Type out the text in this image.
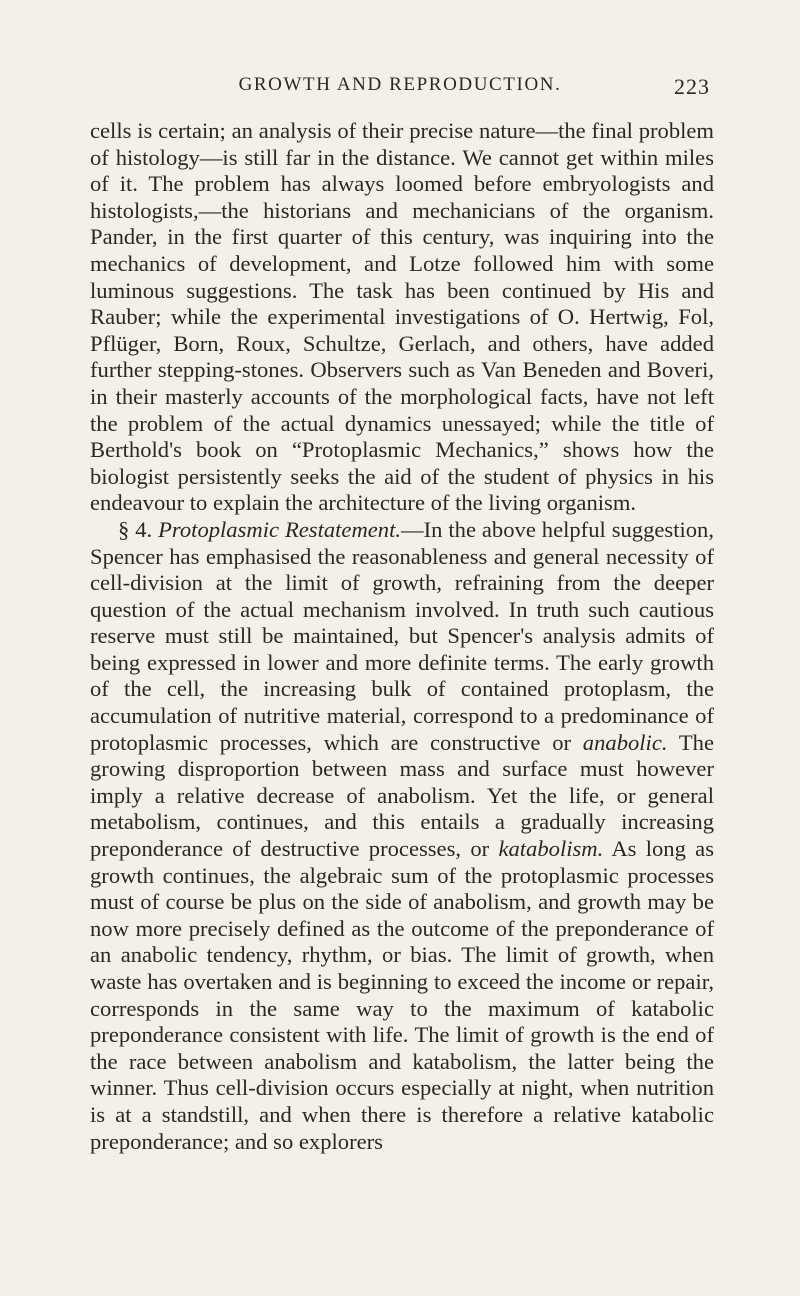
GROWTH AND REPRODUCTION.	223

cells is certain; an analysis of their precise nature—the final problem of histology—is still far in the distance. We cannot get within miles of it. The problem has always loomed before embryologists and histologists,—the historians and mechanicians of the organism. Pander, in the first quarter of this century, was inquiring into the mechanics of development, and Lotze followed him with some luminous suggestions. The task has been continued by His and Rauber; while the experimental investigations of O. Hertwig, Fol, Pflüger, Born, Roux, Schultze, Gerlach, and others, have added further stepping-stones. Observers such as Van Beneden and Boveri, in their masterly accounts of the morphological facts, have not left the problem of the actual dynamics unessayed; while the title of Berthold's book on “Protoplasmic Mechanics,” shows how the biologist persistently seeks the aid of the student of physics in his endeavour to explain the architecture of the living organism.

§ 4. Protoplasmic Restatement.—In the above helpful suggestion, Spencer has emphasised the reasonableness and general necessity of cell-division at the limit of growth, refraining from the deeper question of the actual mechanism involved. In truth such cautious reserve must still be maintained, but Spencer's analysis admits of being expressed in lower and more definite terms. The early growth of the cell, the increasing bulk of contained protoplasm, the accumulation of nutritive material, correspond to a predominance of protoplasmic processes, which are constructive or anabolic. The growing disproportion between mass and surface must however imply a relative decrease of anabolism. Yet the life, or general metabolism, continues, and this entails a gradually increasing preponderance of destructive processes, or katabolism. As long as growth continues, the algebraic sum of the protoplasmic processes must of course be plus on the side of anabolism, and growth may be now more precisely defined as the outcome of the preponderance of an anabolic tendency, rhythm, or bias. The limit of growth, when waste has overtaken and is beginning to exceed the income or repair, corresponds in the same way to the maximum of katabolic preponderance consistent with life. The limit of growth is the end of the race between anabolism and katabolism, the latter being the winner. Thus cell-division occurs especially at night, when nutrition is at a standstill, and when there is therefore a relative katabolic preponderance; and so explorers
